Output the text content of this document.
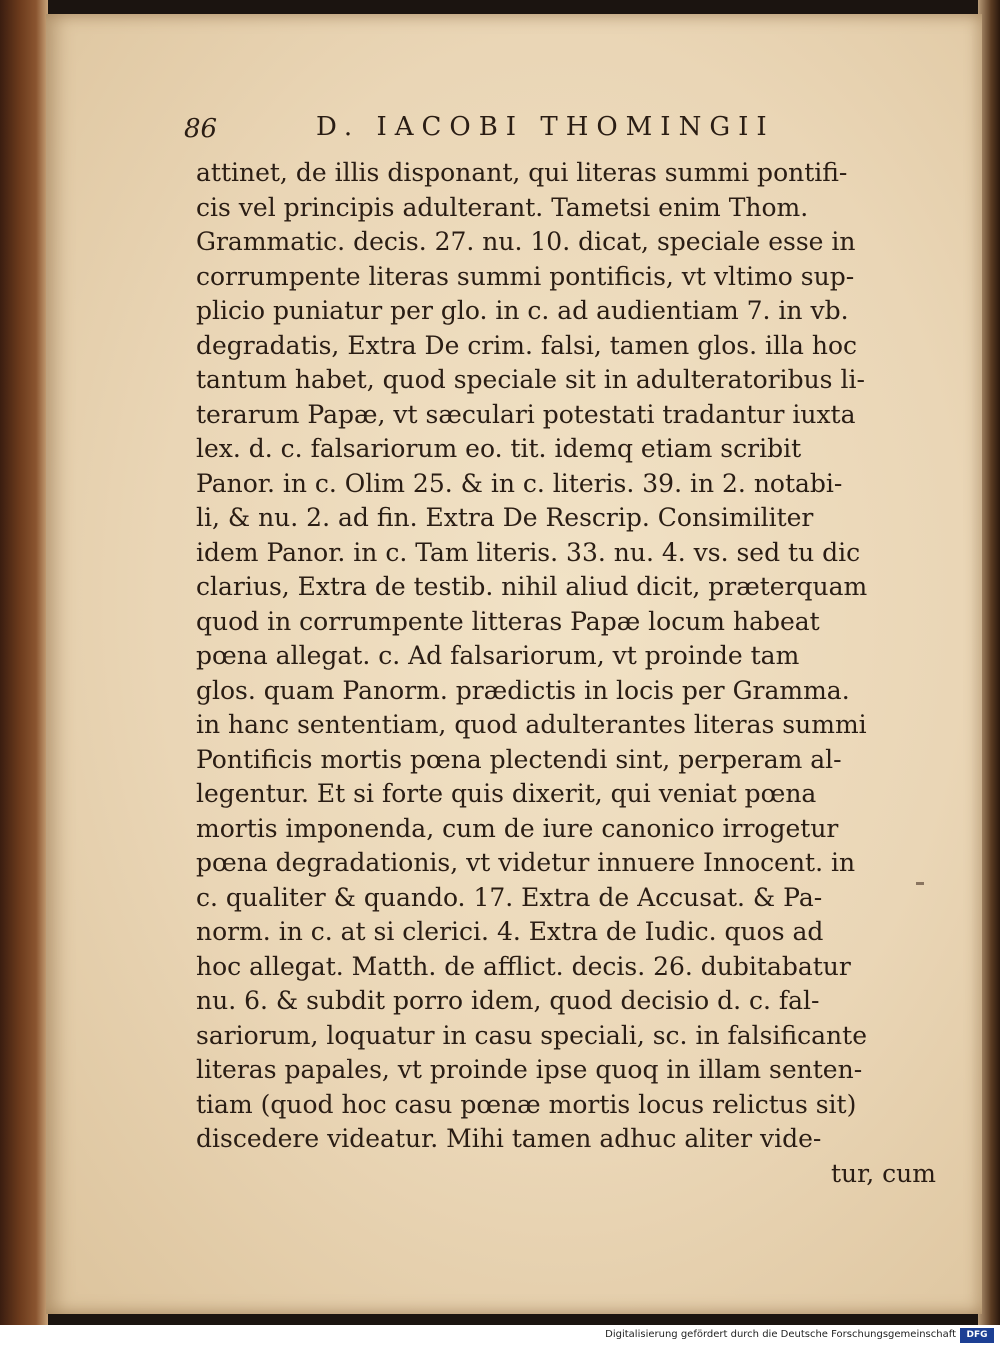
86	D. IACOBI THOMINGII
attinet, de illis disponant, qui literas summi pontifi-
cis vel principis adulterant. Tametsi enim Thom.
Grammatic. decis. 27. nu. 10. dicat, speciale esse in
corrumpente literas summi pontificis, vt vltimo sup-
plicio puniatur per glo. in c. ad audientiam 7. in vb.
degradatis, Extra De crim. falsi, tamen glos. illa hoc
tantum habet, quod speciale sit in adulteratoribus li-
terarum Papæ, vt sæculari potestati tradantur iuxta
lex. d. c. falsariorum eo. tit. idemq etiam scribit
Panor. in c. Olim 25. & in c. literis. 39. in 2. notabi-
li, & nu. 2. ad fin. Extra De Rescrip. Consimiliter
idem Panor. in c. Tam literis. 33. nu. 4. vs. sed tu dic
clarius, Extra de testib. nihil aliud dicit, præterquam
quod in corrumpente litteras Papæ locum habeat
pœna allegat. c. Ad falsariorum, vt proinde tam
glos. quam Panorm. prædictis in locis per Gramma.
in hanc sententiam, quod adulterantes literas summi
Pontificis mortis pœna plectendi sint, perperam al-
legentur. Et si forte quis dixerit, qui veniat pœna
mortis imponenda, cum de iure canonico irrogetur
pœna degradationis, vt videtur innuere Innocent. in
c. qualiter & quando. 17. Extra de Accusat. & Pa-
norm. in c. at si clerici. 4. Extra de Iudic. quos ad
hoc allegat. Matth. de afflict. decis. 26. dubitabatur
nu. 6. & subdit porro idem, quod decisio d. c. fal-
sariorum, loquatur in casu speciali, sc. in falsificante
literas papales, vt proinde ipse quoq in illam senten-
tiam (quod hoc casu pœnæ mortis locus relictus sit)
discedere videatur. Mihi tamen adhuc aliter vide-
tur, cum
Digitalisierung gefördert durch die Deutsche Forschungsgemeinschaft	DFG
